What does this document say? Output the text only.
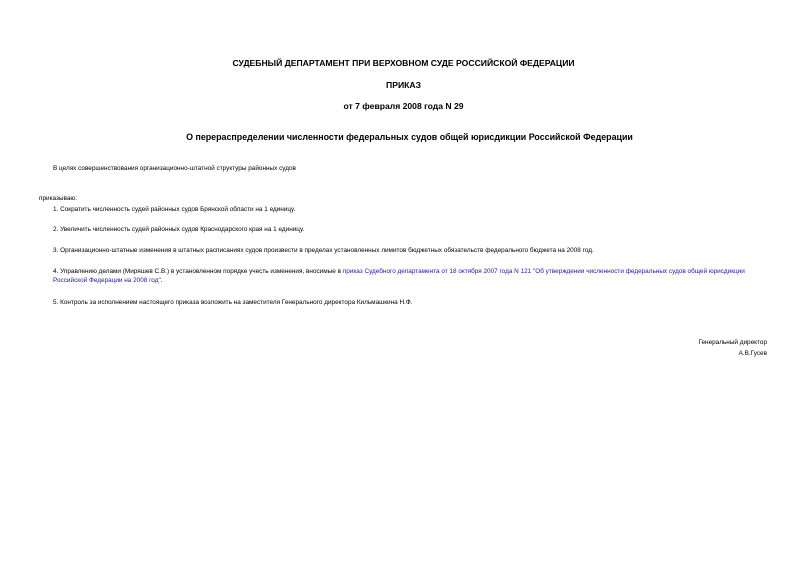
СУДЕБНЫЙ ДЕПАРТАМЕНТ ПРИ ВЕРХОВНОМ СУДЕ РОССИЙСКОЙ ФЕДЕРАЦИИ
ПРИКАЗ
от 7 февраля 2008 года N 29
О перераспределении численности федеральных судов общей юрисдикции Российской Федерации
В целях совершенствования организационно-штатной структуры районных судов
приказываю:
1. Сократить численность судей районных судов Брянской области на 1 единицу.
2. Увеличить численность судей районных судов Краснодарского края на 1 единицу.
3. Организационно-штатные изменения в штатных расписаниях судов произвести в пределах установленных лимитов бюджетных обязательств федерального бюджета на 2008 год.
4. Управлению делами (Миряшев С.В.) в установленном порядке учесть изменения, вносимые в приказ Судебного департамента от 18 октября 2007 года N 121 "Об утверждении численности федеральных судов общей юрисдикции Российской Федерации на 2008 год".
5. Контроль за исполнением настоящего приказа возложить на заместителя Генерального директора Кильмашкина Н.Ф.
Генеральный директор
А.В.Гусев
